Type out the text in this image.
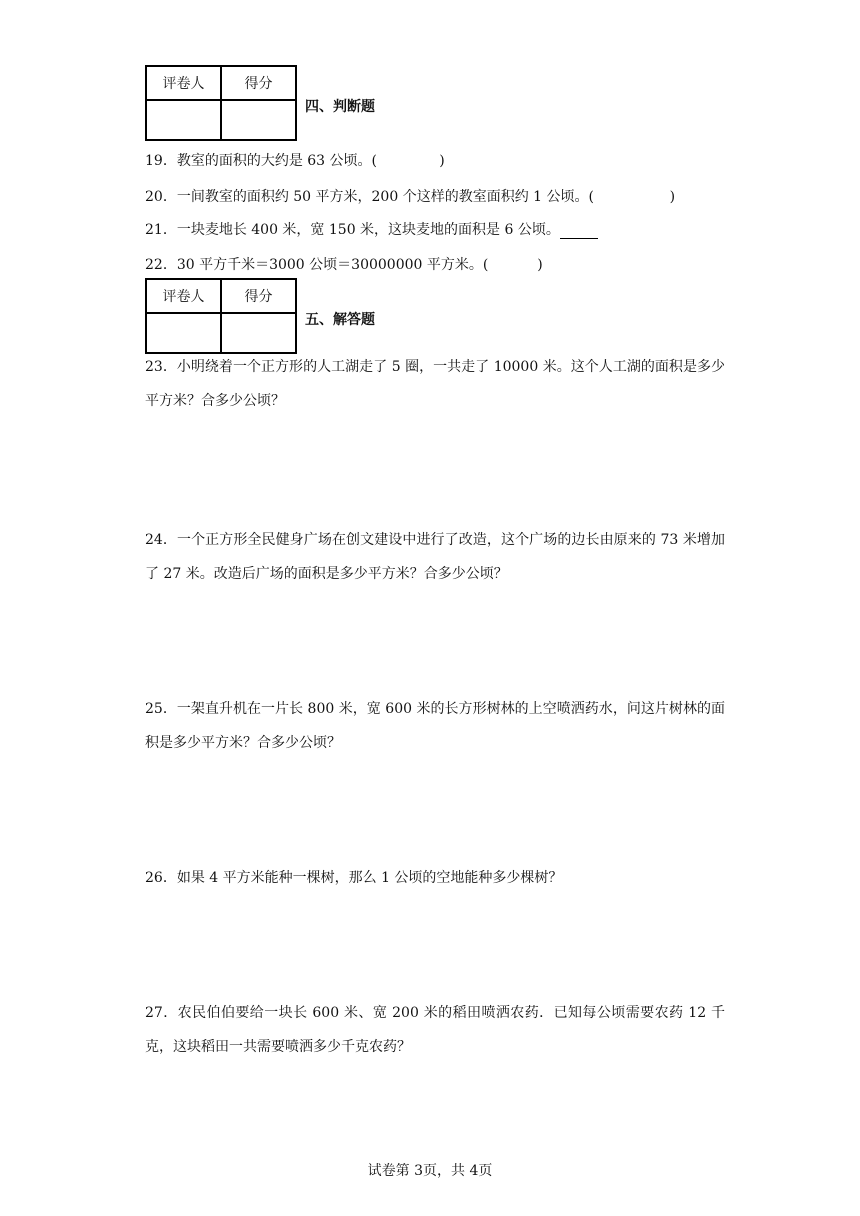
评卷人	得分

四、判断题
19．教室的面积的大约是 63 公顷。(              )
20．一间教室的面积约 50 平方米，200 个这样的教室面积约 1 公顷。(                 )
21．一块麦地长 400 米，宽 150 米，这块麦地的面积是 6 公顷。
22．30 平方千米＝3000 公顷＝30000000 平方米。(           )
评卷人	得分

五、解答题
23．小明绕着一个正方形的人工湖走了 5 圈，一共走了 10000 米。这个人工湖的面积是多少平方米？合多少公顷？
24．一个正方形全民健身广场在创文建设中进行了改造，这个广场的边长由原来的 73 米增加了 27 米。改造后广场的面积是多少平方米？合多少公顷？
25．一架直升机在一片长 800 米，宽 600 米的长方形树林的上空喷洒药水，问这片树林的面积是多少平方米？合多少公顷？
26．如果 4 平方米能种一棵树，那么 1 公顷的空地能种多少棵树？
27．农民伯伯要给一块长 600 米、宽 200 米的稻田喷洒农药．已知每公顷需要农药 12 千克，这块稻田一共需要喷洒多少千克农药？
试卷第 3页，共 4页
